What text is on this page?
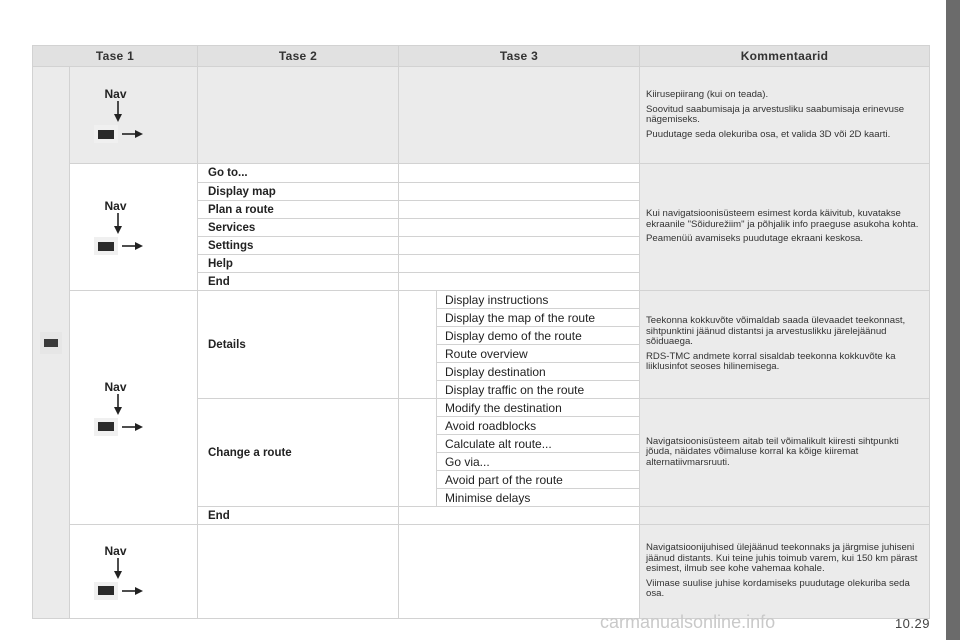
Tase 1		Tase 2	Tase 3		Kommentaarid

	Nav				Kiirusepiirang (kui on teada).

Soovitud saabumisaja ja arvestusliku saabumisaja erinevuse nägemiseks.

Puudutage seda olekuriba osa, et valida 3D või 2D kaarti.

	Nav	Go to...			Kui navigatsioonisüsteem esimest korda käivitub, kuvatakse ekraanile "Sõidurežiim" ja põhjalik info praeguse asukoha kohta.

Peamenüü avamiseks puudutage ekraani keskosa.

		Display map			
		Plan a route			
		Services			
		Settings			
		Help			
		End			

	Nav	Details		Display instructions	Teekonna kokkuvõte võimaldab saada ülevaadet teekonnast, sihtpunktini jäänud distantsi ja arvestuslikku järelejäänud sõiduaega.

RDS-TMC andmete korral sisaldab teekonna kokkuvõte ka liiklusinfot seoses hilinemisega.

				Display the map of the route	
				Display demo of the route	
				Route overview	
				Display destination	
				Display traffic on the route	
		Change a route		Modify the destination	Navigatsioonisüsteem aitab teil võimalikult kiiresti sihtpunkti jõuda, näidates võimaluse korral ka kõige kiiremat alternatiivmarsruuti.

				Avoid roadblocks	
				Calculate alt route...	
				Go via...	
				Avoid part of the route	
				Minimise delays	
		End			

	Nav				Navigatsioonijuhised ülejäänud teekonnaks ja järgmise juhiseni jäänud distants. Kui teine juhis toimub varem, kui 150 km pärast esimest, ilmub see kohe vahemaa kohale.

Viimase suulise juhise kordamiseks puudutage olekuriba seda osa.

carmanualsonline.info	10.29
